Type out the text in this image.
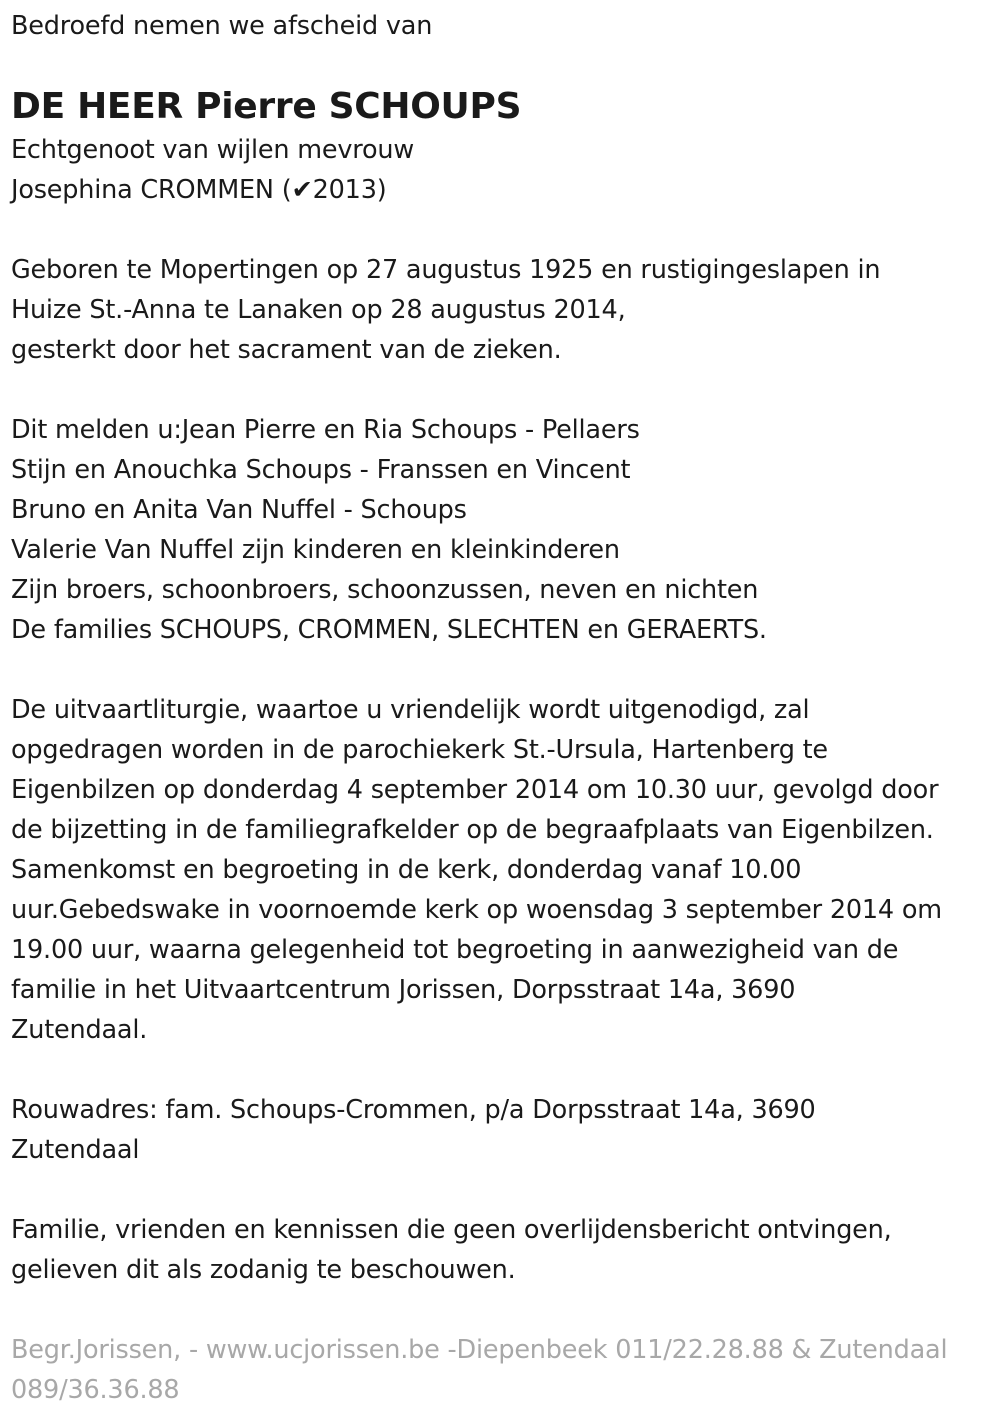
Bedroefd nemen we afscheid van
DE HEER Pierre SCHOUPS
Echtgenoot van wijlen mevrouw
Josephina CROMMEN (✔2013)
Geboren te Mopertingen op 27 augustus 1925 en rustigingeslapen in
Huize St.-Anna te Lanaken op 28 augustus 2014,
gesterkt door het sacrament van de zieken.
Dit melden u:Jean Pierre en Ria Schoups - Pellaers
Stijn en Anouchka Schoups - Franssen en Vincent
Bruno en Anita Van Nuffel - Schoups
Valerie Van Nuffel zijn kinderen en kleinkinderen
Zijn broers, schoonbroers, schoonzussen, neven en nichten
De families SCHOUPS, CROMMEN, SLECHTEN en GERAERTS.
De uitvaartliturgie, waartoe u vriendelijk wordt uitgenodigd, zal
opgedragen worden in de parochiekerk St.-Ursula, Hartenberg te
Eigenbilzen op donderdag 4 september 2014 om 10.30 uur, gevolgd door
de bijzetting in de familiegrafkelder op de begraafplaats van Eigenbilzen.
Samenkomst en begroeting in de kerk, donderdag vanaf 10.00
uur.Gebedswake in voornoemde kerk op woensdag 3 september 2014 om
19.00 uur, waarna gelegenheid tot begroeting in aanwezigheid van de
familie in het Uitvaartcentrum Jorissen, Dorpsstraat 14a, 3690
Zutendaal.
Rouwadres: fam. Schoups-Crommen, p/a Dorpsstraat 14a, 3690
Zutendaal
Familie, vrienden en kennissen die geen overlijdensbericht ontvingen,
gelieven dit als zodanig te beschouwen.
Begr.Jorissen, - www.ucjorissen.be -Diepenbeek 011/22.28.88 & Zutendaal
089/36.36.88
